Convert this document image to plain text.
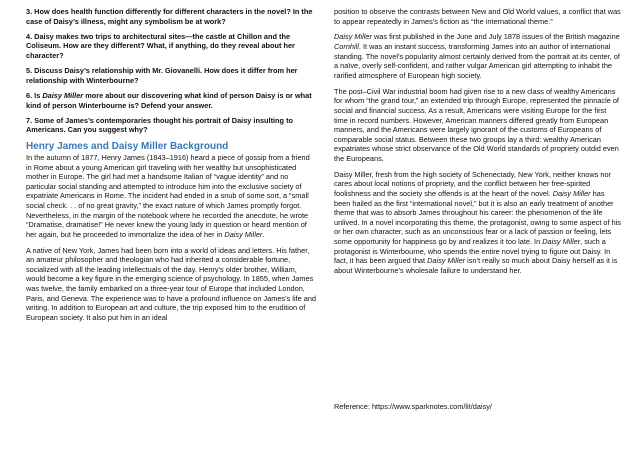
3. How does health function differently for different characters in the novel? In the case of Daisy’s illness, might any symbolism be at work?

4. Daisy makes two trips to architectural sites—the castle at Chillon and the Coliseum. How are they different? What, if anything, do they reveal about her character?

5. Discuss Daisy’s relationship with Mr. Giovanelli. How does it differ from her relationship with Winterbourne?

6. Is Daisy Miller more about our discovering what kind of person Daisy is or what kind of person Winterbourne is? Defend your answer.

7. Some of James’s contemporaries thought his portrait of Daisy insulting to Americans. Can you suggest why?

Henry James and Daisy Miller Background

In the autumn of 1877, Henry James (1843–1916) heard a piece of gossip from a friend in Rome about a young American girl traveling with her wealthy but unsophisticated mother in Europe. The girl had met a handsome Italian of “vague identity” and no particular social standing and attempted to introduce him into the exclusive society of expatriate Americans in Rome. The incident had ended in a snub of some sort, a “small social check. . . of no great gravity,” the exact nature of which James promptly forgot. Nevertheless, in the margin of the notebook where he recorded the anecdote, he wrote “Dramatise, dramatise!” He never knew the young lady in question or heard mention of her again, but he proceeded to immortalize the idea of her in Daisy Miller.

A native of New York, James had been born into a world of ideas and letters. His father, an amateur philosopher and theologian who had inherited a considerable fortune, socialized with all the leading intellectuals of the day. Henry’s older brother, William, would become a key figure in the emerging science of psychology. In 1855, when James was twelve, the family embarked on a three-year tour of Europe that included London, Paris, and Geneva. The experience was to have a profound influence on James’s life and writing. In addition to European art and culture, the trip exposed him to the erudition of European society. It also put him in an ideal

position to observe the contrasts between New and Old World values, a conflict that was to appear repeatedly in James’s fiction as “the international theme.”

Daisy Miller was first published in the June and July 1878 issues of the British magazine Cornhill. It was an instant success, transforming James into an author of international standing. The novel’s popularity almost certainly derived from the portrait at its center, of a naïve, overly self-confident, and rather vulgar American girl attempting to inhabit the rarified atmosphere of European high society.

The post–Civil War industrial boom had given rise to a new class of wealthy Americans for whom “the grand tour,” an extended trip through Europe, represented the pinnacle of social and financial success. As a result, Americans were visiting Europe for the first time in record numbers. However, American manners differed greatly from European manners, and the Americans were largely ignorant of the customs of Europeans of comparable social status. Between these two groups lay a third: wealthy American expatriates whose strict observance of the Old World standards of propriety outdid even the Europeans.

Daisy Miller, fresh from the high society of Schenectady, New York, neither knows nor cares about local notions of propriety, and the conflict between her free-spirited foolishness and the society she offends is at the heart of the novel. Daisy Miller has been hailed as the first “international novel,” but it is also an early treatment of another theme that was to absorb James throughout his career: the phenomenon of the life unlived. In a novel incorporating this theme, the protagonist, owing to some aspect of his or her own character, such as an unconscious fear or a lack of passion or feeling, lets some opportunity for happiness go by and realizes it too late. In Daisy Miller, such a protagonist is Winterbourne, who spends the entire novel trying to figure out Daisy. In fact, it has been argued that Daisy Miller isn’t really so much about Daisy herself as it is about Winterbourne’s wholesale failure to understand her.

Reference: https://www.sparknotes.com/lit/daisy/
